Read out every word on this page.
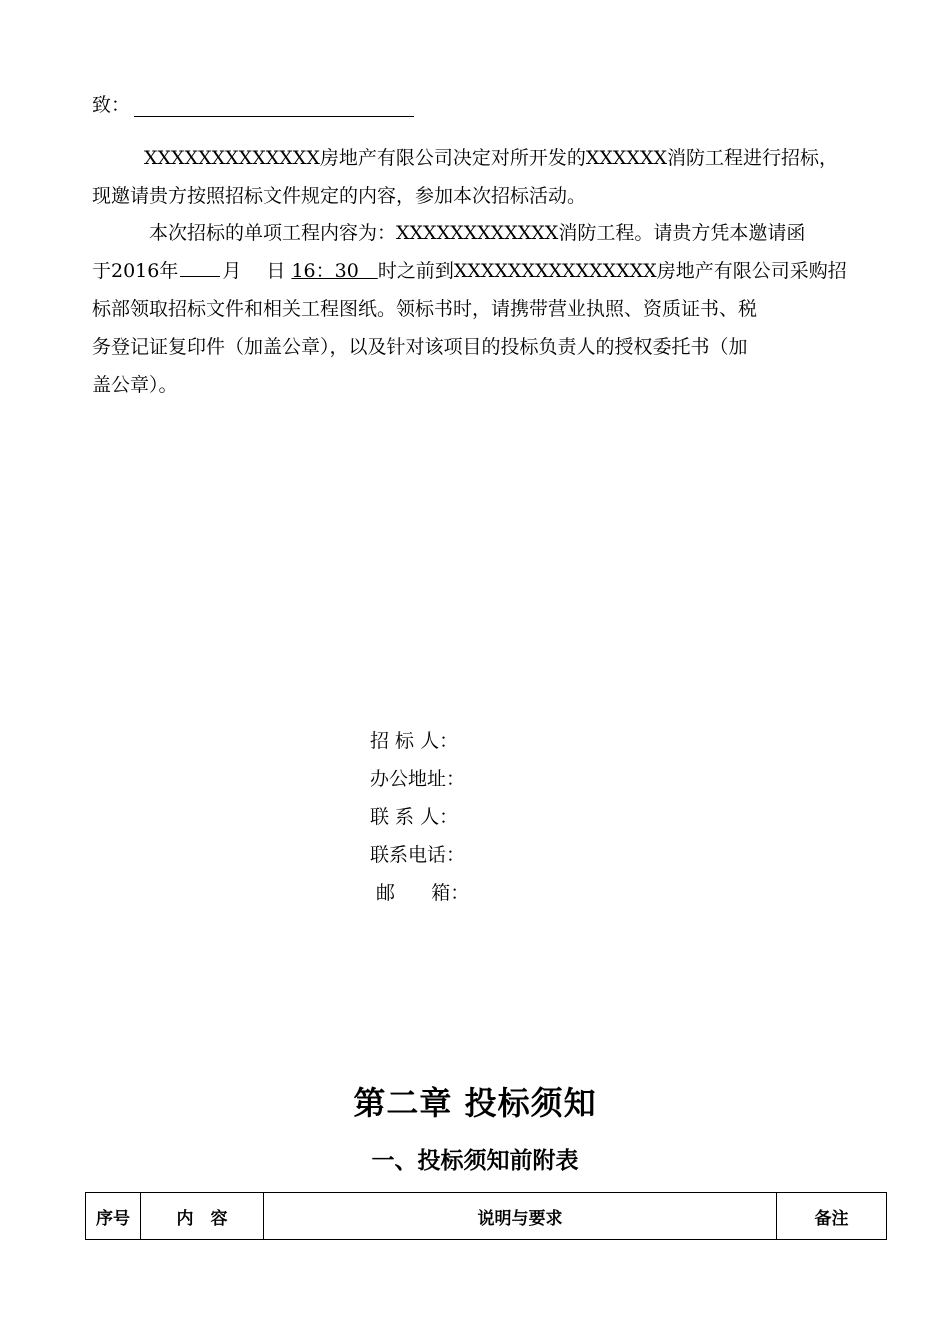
致：
XXXXXXXXXXXXX房地产有限公司决定对所开发的XXXXXX消防工程进行招标，
现邀请贵方按照招标文件规定的内容，参加本次招标活动。
本次招标的单项工程内容为：XXXXXXXXXXXX消防工程。请贵方凭本邀请函
于2016年 月　 日 16：30　时之前到XXXXXXXXXXXXXXX房地产有限公司采购招
标部领取招标文件和相关工程图纸。领标书时，请携带营业执照、资质证书、税
务登记证复印件（加盖公章），以及针对该项目的投标负责人的授权委托书（加
盖公章）。
招 标 人：
办公地址：
联 系 人：
联系电话：
邮      箱：
第二章 投标须知
一、投标须知前附表
序号	内　容	说明与要求	备注
